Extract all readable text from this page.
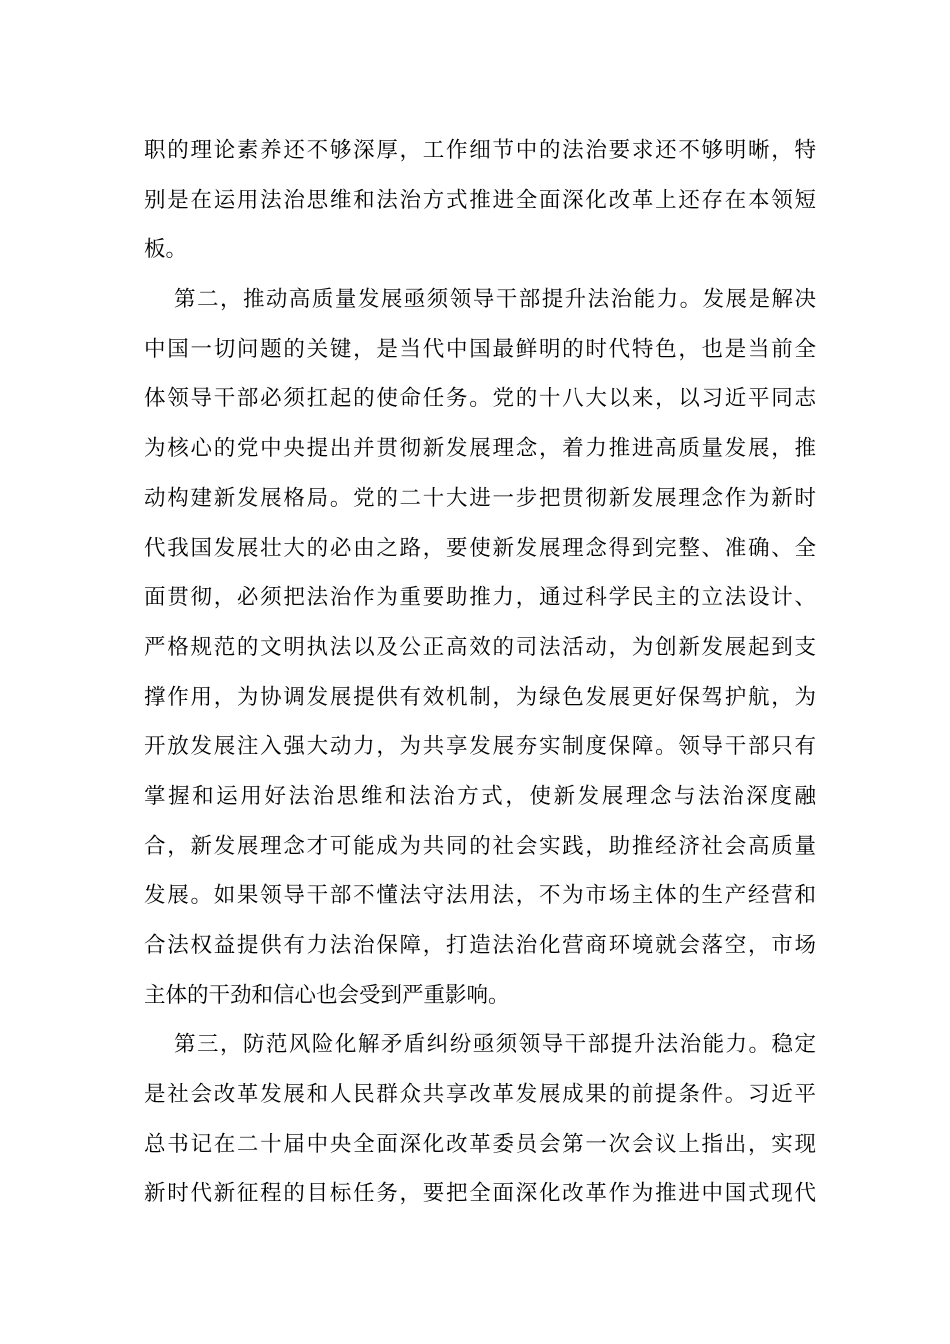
职的理论素养还不够深厚，工作细节中的法治要求还不够明晰，特
别是在运用法治思维和法治方式推进全面深化改革上还存在本领短
板。
第二，推动高质量发展亟须领导干部提升法治能力。发展是解决
中国一切问题的关键，是当代中国最鲜明的时代特色，也是当前全
体领导干部必须扛起的使命任务。党的十八大以来，以习近平同志
为核心的党中央提出并贯彻新发展理念，着力推进高质量发展，推
动构建新发展格局。党的二十大进一步把贯彻新发展理念作为新时
代我国发展壮大的必由之路，要使新发展理念得到完整、准确、全
面贯彻，必须把法治作为重要助推力，通过科学民主的立法设计、
严格规范的文明执法以及公正高效的司法活动，为创新发展起到支
撑作用，为协调发展提供有效机制，为绿色发展更好保驾护航，为
开放发展注入强大动力，为共享发展夯实制度保障。领导干部只有
掌握和运用好法治思维和法治方式，使新发展理念与法治深度融
合，新发展理念才可能成为共同的社会实践，助推经济社会高质量
发展。如果领导干部不懂法守法用法，不为市场主体的生产经营和
合法权益提供有力法治保障，打造法治化营商环境就会落空，市场
主体的干劲和信心也会受到严重影响。
第三，防范风险化解矛盾纠纷亟须领导干部提升法治能力。稳定
是社会改革发展和人民群众共享改革发展成果的前提条件。习近平
总书记在二十届中央全面深化改革委员会第一次会议上指出，实现
新时代新征程的目标任务，要把全面深化改革作为推进中国式现代
